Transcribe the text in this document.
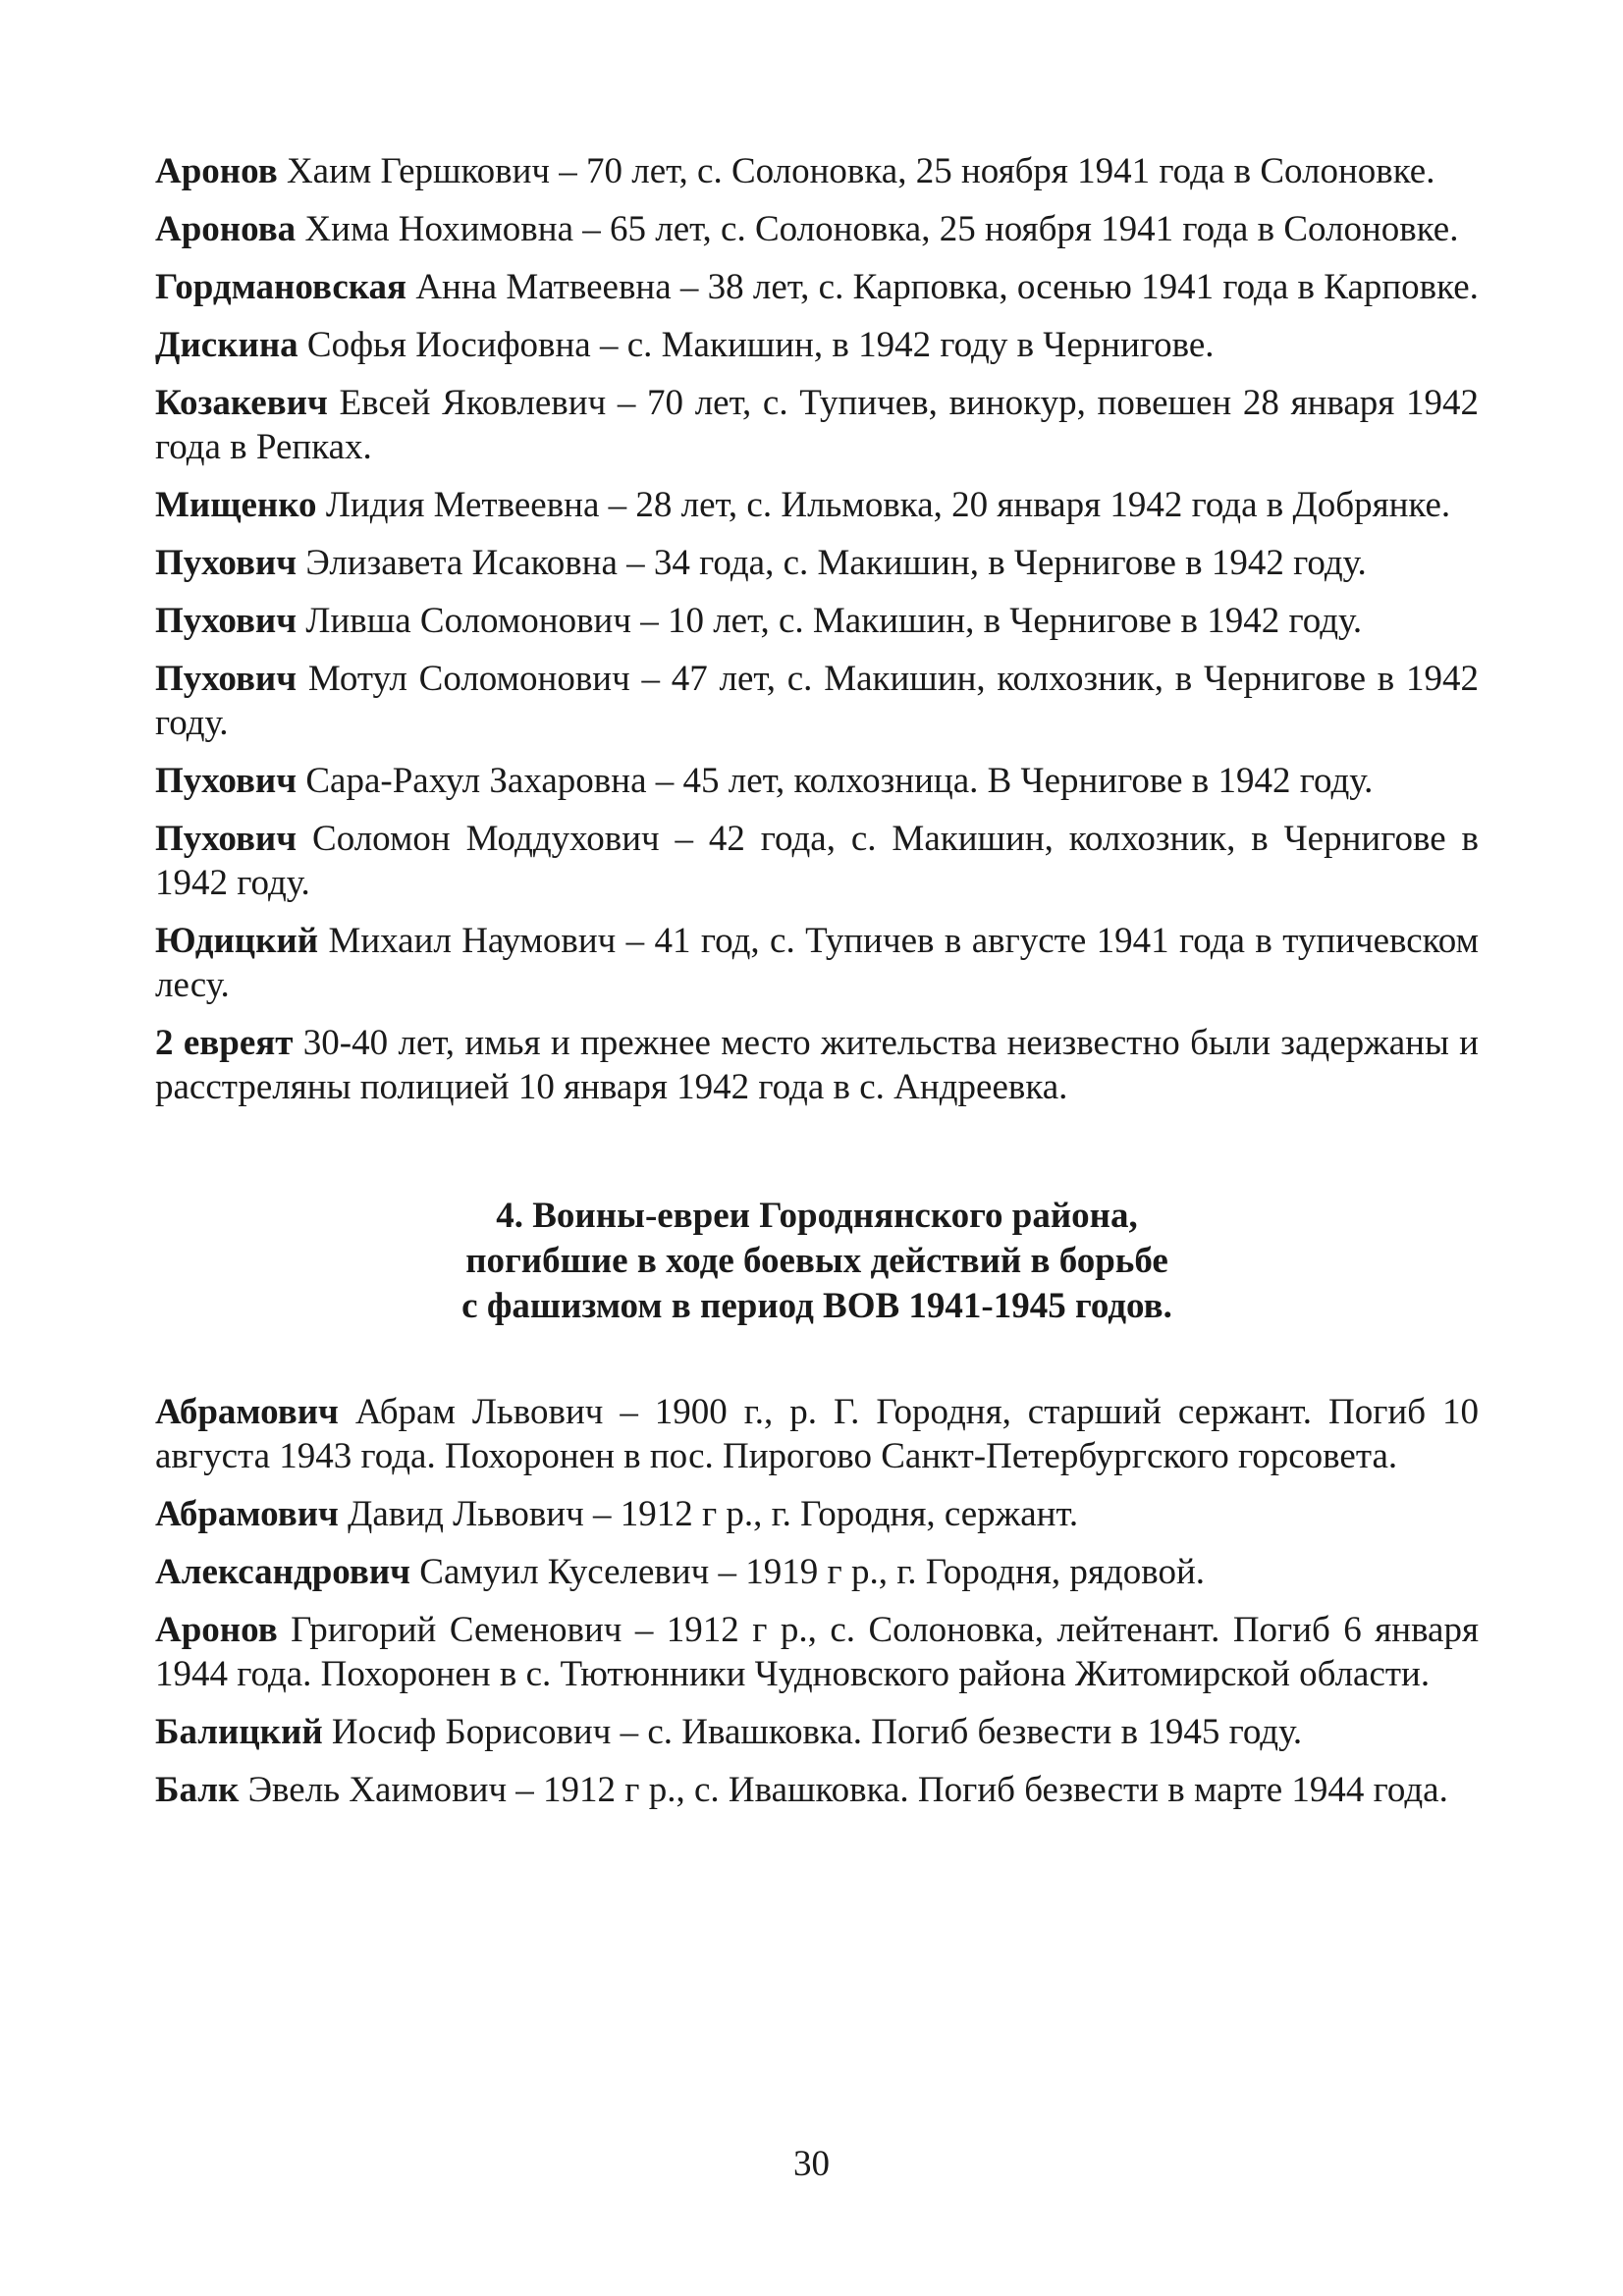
Аронов Хаим Гершкович – 70 лет, с. Солоновка, 25 ноября 1941 года в Солоновке.

Аронова Хима Нохимовна – 65 лет, с. Солоновка, 25 ноября 1941 года в Солоновке.

Гордмановская Анна Матвеевна – 38 лет, с. Карповка, осенью 1941 года в Карповке.

Дискина Софья Иосифовна – с. Макишин, в 1942 году в Чернигове.

Козакевич Евсей Яковлевич – 70 лет, с. Тупичев, винокур, повешен 28 января 1942 года в Репках.

Мищенко Лидия Метвеевна – 28 лет, с. Ильмовка, 20 января 1942 года в Добрянке.

Пухович Элизавета Исаковна – 34 года, с. Макишин, в Чернигове в 1942 году.

Пухович Ливша Соломонович – 10 лет, с. Макишин, в Чернигове в 1942 году.

Пухович Мотул Соломонович – 47 лет, с. Макишин, колхозник, в Чернигове в 1942 году.

Пухович Сара-Рахул Захаровна – 45 лет, колхозница. В Чернигове в 1942 году.

Пухович Соломон Моддухович – 42 года, с. Макишин, колхозник, в Чернигове в 1942 году.

Юдицкий Михаил Наумович – 41 год, с. Тупичев в августе 1941 года в тупичевском лесу.

2 евреят 30-40 лет, имья и прежнее место жительства неизвестно были задержаны и расстреляны полицией 10 января 1942 года в с. Андреевка.

4. Воины-евреи Городнянского района,
погибшие в ходе боевых действий в борьбе
с фашизмом в период ВОВ 1941-1945 годов.

Абрамович Абрам Львович – 1900 г., р. Г. Городня, старший сержант. Погиб 10 августа 1943 года. Похоронен в пос. Пирогово Санкт-Петербургского горсовета.

Абрамович Давид Львович – 1912 г р., г. Городня, сержант.

Александрович Самуил Куселевич – 1919 г р., г. Городня, рядовой.

Аронов Григорий Семенович – 1912 г р., с. Солоновка, лейтенант. Погиб 6 января 1944 года. Похоронен в с. Тютюнники Чудновского района Житомирской области.

Балицкий Иосиф Борисович – с. Ивашковка. Погиб безвести в 1945 году.

Балк Эвель Хаимович – 1912 г р., с. Ивашковка. Погиб безвести в марте 1944 года.

30
